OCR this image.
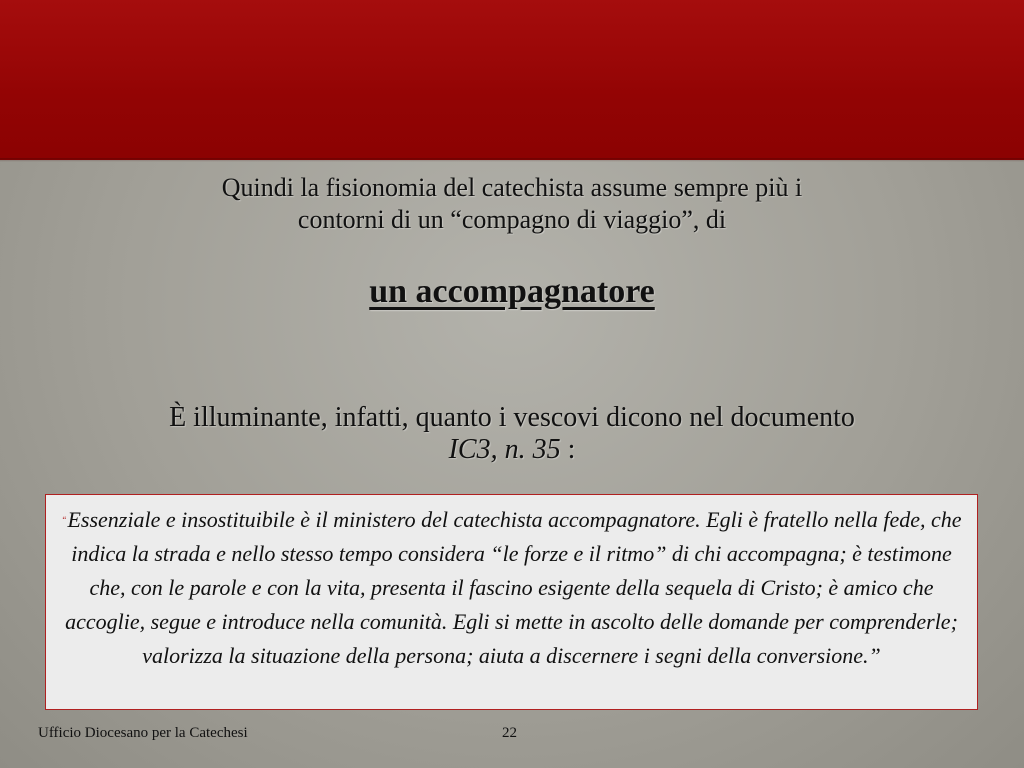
Quindi la fisionomia del catechista assume sempre più i
contorni di un “compagno di viaggio”, di
un accompagnatore
È illuminante, infatti, quanto i vescovi dicono nel documento
IC3, n. 35 :

“Essenziale e insostituibile è il ministero del catechista accompagnatore. Egli è fratello nella fede, che indica la strada e nello stesso tempo considera “le forze e il ritmo” di chi accompagna; è testimone che, con le parole e con la vita, presenta il fascino esigente della sequela di Cristo; è amico che accoglie, segue e introduce nella comunità. Egli si mette in ascolto delle domande per comprenderle; valorizza la situazione della persona; aiuta a discernere i segni della conversione.”

Ufficio Diocesano per la Catechesi	22
